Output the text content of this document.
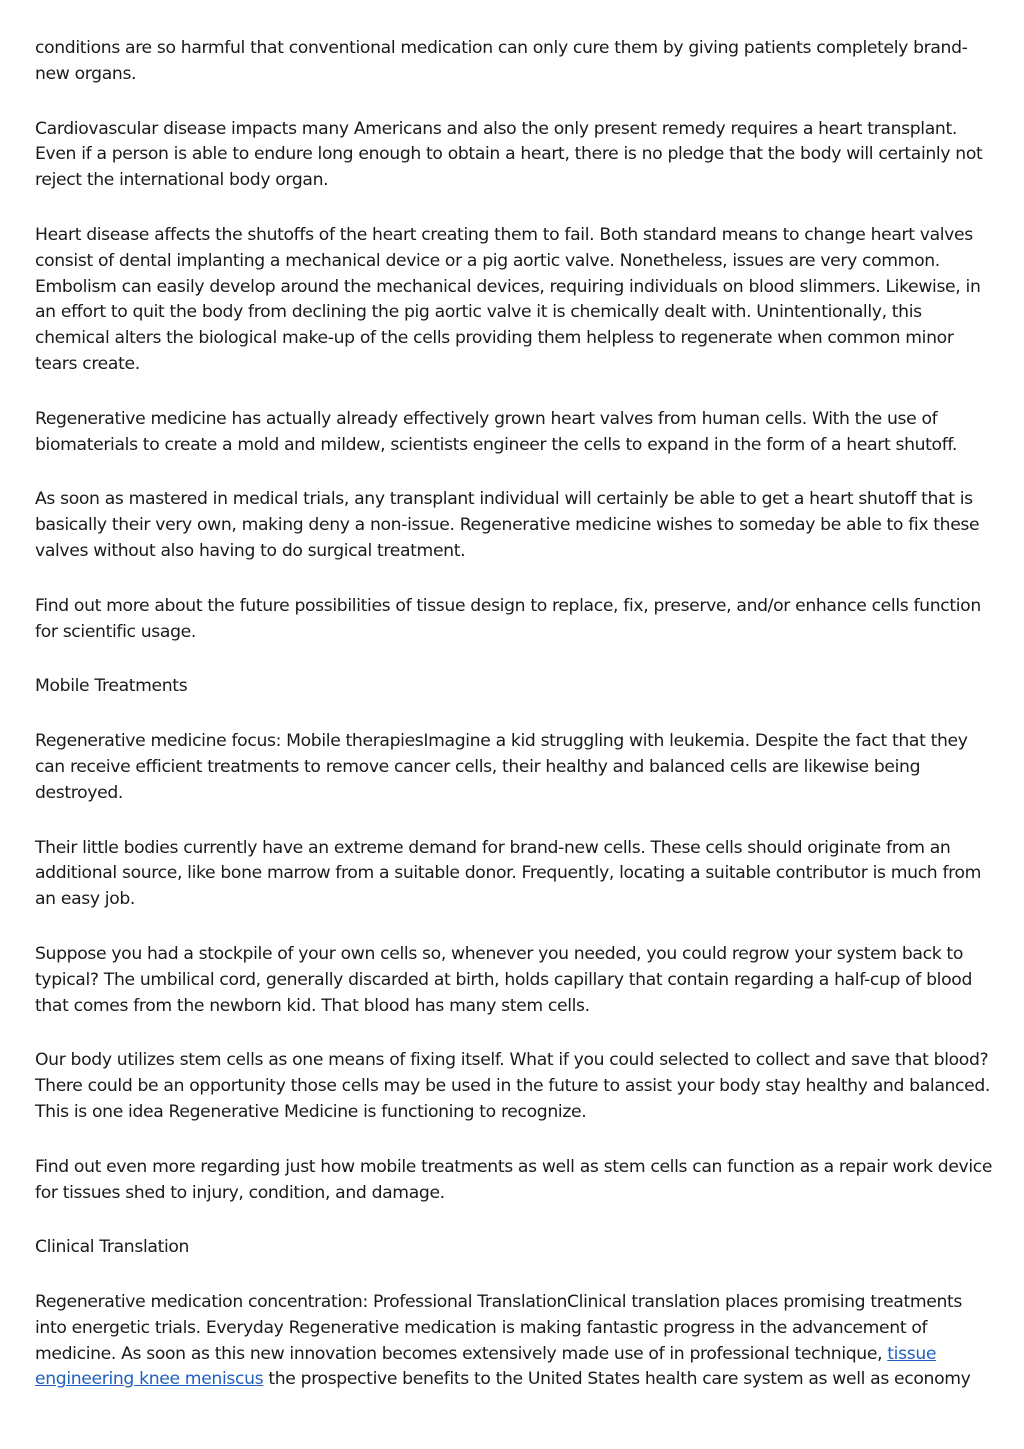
conditions are so harmful that conventional medication can only cure them by giving patients completely brand-new organs.

Cardiovascular disease impacts many Americans and also the only present remedy requires a heart transplant. Even if a person is able to endure long enough to obtain a heart, there is no pledge that the body will certainly not reject the international body organ.

Heart disease affects the shutoffs of the heart creating them to fail. Both standard means to change heart valves consist of dental implanting a mechanical device or a pig aortic valve. Nonetheless, issues are very common. Embolism can easily develop around the mechanical devices, requiring individuals on blood slimmers. Likewise, in an effort to quit the body from declining the pig aortic valve it is chemically dealt with. Unintentionally, this chemical alters the biological make-up of the cells providing them helpless to regenerate when common minor tears create.

Regenerative medicine has actually already effectively grown heart valves from human cells. With the use of biomaterials to create a mold and mildew, scientists engineer the cells to expand in the form of a heart shutoff.

As soon as mastered in medical trials, any transplant individual will certainly be able to get a heart shutoff that is basically their very own, making deny a non-issue. Regenerative medicine wishes to someday be able to fix these valves without also having to do surgical treatment.

Find out more about the future possibilities of tissue design to replace, fix, preserve, and/or enhance cells function for scientific usage.

Mobile Treatments

Regenerative medicine focus: Mobile therapiesImagine a kid struggling with leukemia. Despite the fact that they can receive efficient treatments to remove cancer cells, their healthy and balanced cells are likewise being destroyed.

Their little bodies currently have an extreme demand for brand-new cells. These cells should originate from an additional source, like bone marrow from a suitable donor. Frequently, locating a suitable contributor is much from an easy job.

Suppose you had a stockpile of your own cells so, whenever you needed, you could regrow your system back to typical? The umbilical cord, generally discarded at birth, holds capillary that contain regarding a half-cup of blood that comes from the newborn kid. That blood has many stem cells.

Our body utilizes stem cells as one means of fixing itself. What if you could selected to collect and save that blood? There could be an opportunity those cells may be used in the future to assist your body stay healthy and balanced. This is one idea Regenerative Medicine is functioning to recognize.

Find out even more regarding just how mobile treatments as well as stem cells can function as a repair work device for tissues shed to injury, condition, and damage.

Clinical Translation

Regenerative medication concentration: Professional TranslationClinical translation places promising treatments into energetic trials. Everyday Regenerative medication is making fantastic progress in the advancement of medicine. As soon as this new innovation becomes extensively made use of in professional technique, tissue engineering knee meniscus the prospective benefits to the United States health care system as well as economy
